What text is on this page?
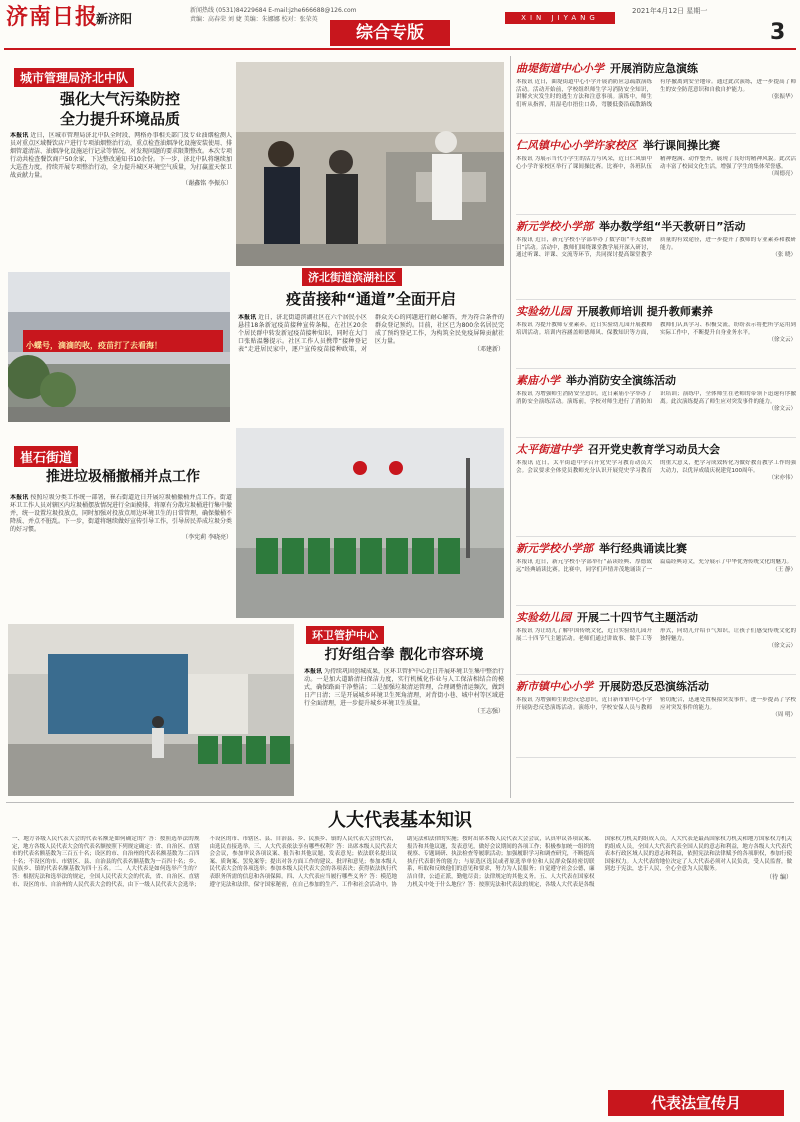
济南日报
新济阳
新闻热线 (0531)84229684 E-mail:jzhe666688@126.com
责编：高春荣 刘 婕 美编：朱娜娜 校对：张荣英	XIN JIYANG
2021年4月12日 星期一
综合专版	3
城市管理局济北中队
强化大气污染防控
全力提升环境品质
本报讯 近日，区城市管理局济北中队全时段、网格办事相关部门及专业油烟检测人员对重点区域餐饮店户进行专项油烟整治行动，重点检查油烟净化设施安装使用、排烟管道清洁、油烟净化设施运行记录等情况，对发现问题的要求限期整改。本次专项行动共检查餐饮商户50余家，下达整改通知书10余份。下一步，济北中队将继续加大巡查力度，持续开展专项整治行动，全力提升城区环境空气质量，为打赢蓝天保卫战贡献力量。
（谢鑫铭 李振东）
小蝶号，滴滴的收，疫苗打了去看海！
济北街道滨湖社区
疫苗接种“通道”全面开启
本报讯 近日，济北街道滨湖社区在六个居民小区悬挂18条新冠疫苗接种宣传条幅，在社区20余个居民群中转发新冠疫苗接种知识，同时在大门口张贴温馨提示。社区工作人员携带“接种登记表”走进居民家中，逐户宣传疫苗接种政策，对群众关心的问题进行耐心解答，并为符合条件的群众登记预约。目前，社区已为800余名居民完成了预约登记工作，为构筑全民免疫屏障贡献社区力量。
（邓建新）
崔石街道
推进垃圾桶撤桶并点工作
本报讯 按照垃圾分类工作统一部署，崔石街道近日开展垃圾桶撤桶并点工作。街道环卫工作人员对辖区内垃圾桶摆放情况进行全面摸排，将原有分散垃圾桶进行集中撤并，统一设置垃圾投放点，同时加强对投放点周边环境卫生的日常管理，确保撤桶不降质、并点不脏乱。下一步，街道将继续做好宣传引导工作，引导居民养成垃圾分类的好习惯。
（李宪莉 李晓亮）
环卫管护中心
打好组合拳 靓化市容环境
本报讯 为持续巩固创城成果，区环卫管护中心近日开展环境卫生集中整治行动。一是加大道路清扫保洁力度，实行机械化作业与人工保洁相结合的模式，确保路面干净整洁；二是加强垃圾清运管理，合理调整清运频次，做到日产日清；三是开展城乡环境卫生死角清理，对背街小巷、城中村等区域进行全面清理，进一步提升城乡环境卫生质量。
（王志强）
曲堤街道中心小学 开展消防应急演练
本报讯 近日，曲堤街道中心小学开展消防应急疏散演练活动。活动开始前，学校组织师生学习消防安全知识，讲解火灾发生时的逃生方法和注意事项。演练中，师生们听从指挥，用湿毛巾捂住口鼻，弯腰低姿沿疏散路线有序撤离到安全地带。通过此次演练，进一步提高了师生的安全防范意识和自救自护能力。
（张振华）
仁风镇中心小学许家校区 举行课间操比赛
本报讯 为展示当代小学生的活力与风采，近日仁风镇中心小学许家校区举行了课间操比赛。比赛中，各班队伍精神饱满、动作整齐，展现了良好的精神风貌。此次活动丰富了校园文化生活，增强了学生的集体荣誉感。
（周德亮）
新元学校小学部 举办数学组“半天教研日”活动
本报讯 近日，新元学校小学部举办了数学组“半天教研日”活动。活动中，教师们围绕课堂教学展开深入研讨，通过听课、评课、交流等环节，共同探讨提高课堂教学质量的有效途径，进一步提升了教师的专业素养和教研能力。
（张 晓）
实验幼儿园 开展教师培训 提升教师素养
本报讯 为提升教师专业素养，近日实验幼儿园开展教师培训活动。培训内容涵盖师德师风、保教知识等方面，教师们认真学习、积极交流，纷纷表示将把所学运用到实际工作中，不断提升自身业务水平。
（徐文云）
素庙小学 举办消防安全演练活动
本报讯 为增强师生消防安全意识，近日素庙小学举办了消防安全演练活动。演练前，学校对师生进行了消防知识培训；演练中，全体师生在老师的带领下迅速有序撤离。此次演练提高了师生应对突发事件的能力。
（徐文云）
太平街道中学 召开党史教育学习动员大会
本报讯 近日，太平街道中学召开党史学习教育动员大会。会议要求全体党员教师充分认识开展党史学习教育的重大意义，把学习成效转化为做好教育教学工作的强大动力，以优异成绩庆祝建党100周年。
（宋亦伟）
新元学校小学部 举行经典诵读比赛
本报讯 近日，新元学校小学部举行“品读经典、厚德致远”经典诵读比赛。比赛中，同学们声情并茂地诵读了一篇篇经典诗文，充分展示了中华优秀传统文化的魅力。
（王 静）
实验幼儿园 开展二十四节气主题活动
本报讯 为让幼儿了解中国传统文化，近日实验幼儿园开展二十四节气主题活动。老师们通过讲故事、做手工等形式，向幼儿介绍节气知识，让孩子们感受传统文化的独特魅力。
（徐文云）
新市镇中心小学 开展防恐反恐演练活动
本报讯 为增强师生防恐反恐意识，近日新市镇中心小学开展防恐反恐演练活动。演练中，学校安保人员与教师密切配合，迅速处置模拟突发事件，进一步提高了学校应对突发事件的能力。
（周 明）
人大代表基本知识
一、地方各级人民代表大会的代表名额是如何确定的？答：按照选举法的规定，地方各级人民代表大会的代表名额按照下列规定确定：省、自治区、直辖市的代表名额基数为三百五十名；设区的市、自治州的代表名额基数为二百四十名；不设区的市、市辖区、县、自治县的代表名额基数为一百四十名；乡、民族乡、镇的代表名额基数为四十五名。二、人大代表是如何选举产生的？答：根据宪法和选举法的规定，全国人民代表大会的代表，省、自治区、直辖市、设区的市、自治州的人民代表大会的代表，由下一级人民代表大会选举；不设区的市、市辖区、县、自治县、乡、民族乡、镇的人民代表大会的代表，由选民直接选举。三、人大代表依法享有哪些权利？答：出席本级人民代表大会会议，参加审议各项议案、报告和其他议题，发表意见；依法联名提出议案、质询案、罢免案等；提出对各方面工作的建议、批评和意见；参加本级人民代表大会的各项选举；参加本级人民代表大会的各项表决；获得依法执行代表职务所需的信息和各项保障。四、人大代表应当履行哪些义务？答：模范地遵守宪法和法律，保守国家秘密，在自己参加的生产、工作和社会活动中，协助宪法和法律的实施；按时出席本级人民代表大会会议，认真审议各项议案、报告和其他议题，发表意见，做好会议期间的各项工作；积极参加统一组织的视察、专题调研、执法检查等履职活动；加强履职学习和调查研究，不断提高执行代表职务的能力；与原选区选民或者原选举单位和人民群众保持密切联系，听取和反映他们的意见和要求，努力为人民服务；自觉遵守社会公德，廉洁自律，公道正派，勤勉尽责；法律规定的其他义务。五、人大代表在国家权力机关中处于什么地位？答：按照宪法和代表法的规定，各级人大代表是各级国家权力机关的组成人员，人大代表是最高国家权力机关和地方国家权力机关的组成人员，全国人大代表代表全国人民的意志和利益，地方各级人大代表代表本行政区域人民的意志和利益，依照宪法和法律赋予的各项职权，参加行使国家权力。人大代表的地位决定了人大代表必须对人民负责，受人民监督，做到忠于宪法，忠于人民，全心全意为人民服务。
（待 编）
代表法宣传月
